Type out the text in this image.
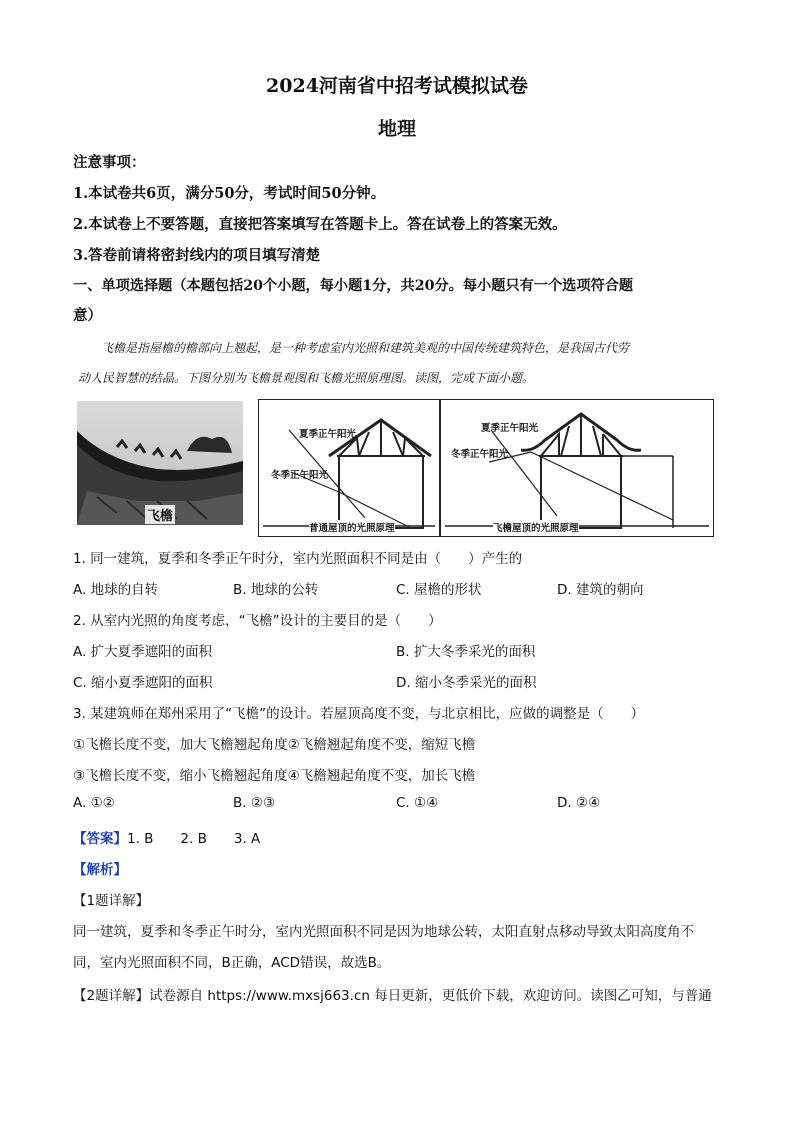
2024河南省中招考试模拟试卷
地理
注意事项：
1.本试卷共6页，满分50分，考试时间50分钟。
2.本试卷上不要答题，直接把答案填写在答题卡上。答在试卷上的答案无效。
3.答卷前请将密封线内的项目填写清楚
一、单项选择题（本题包括20个小题，每小题1分，共20分。每小题只有一个选项符合题
意）
飞檐是指屋檐的檐部向上翘起，是一种考虑室内光照和建筑美观的中国传统建筑特色，是我国古代劳
动人民智慧的结晶。下图分别为飞檐景观图和飞檐光照原理图。读图，完成下面小题。
飞檐
夏季正午阳光
冬季正午阳光
普通屋顶的光照原理
夏季正午阳光
冬季正午阳光
飞檐屋顶的光照原理
1. 同一建筑，夏季和冬季正午时分，室内光照面积不同是由（　　）产生的
A. 地球的自转	B. 地球的公转	C. 屋檐的形状	D. 建筑的朝向
2. 从室内光照的角度考虑，“飞檐”设计的主要目的是（　　）
A. 扩大夏季遮阳的面积	B. 扩大冬季采光的面积
C. 缩小夏季遮阳的面积	D. 缩小冬季采光的面积
3. 某建筑师在郑州采用了“飞檐”的设计。若屋顶高度不变，与北京相比，应做的调整是（　　）
①飞檐长度不变，加大飞檐翘起角度②飞檐翘起角度不变，缩短飞檐
③飞檐长度不变，缩小飞檐翘起角度④飞檐翘起角度不变，加长飞檐
A. ①②	B. ②③	C. ①④	D. ②④
【答案】1. B　　2. B　　3. A
【解析】
【1题详解】
同一建筑，夏季和冬季正午时分，室内光照面积不同是因为地球公转，太阳直射点移动导致太阳高度角不
同，室内光照面积不同，B正确，ACD错误，故选B。
【2题详解】试卷源自 https://www.mxsj663.cn 每日更新，更低价下载，欢迎访问。读图乙可知，与普通
